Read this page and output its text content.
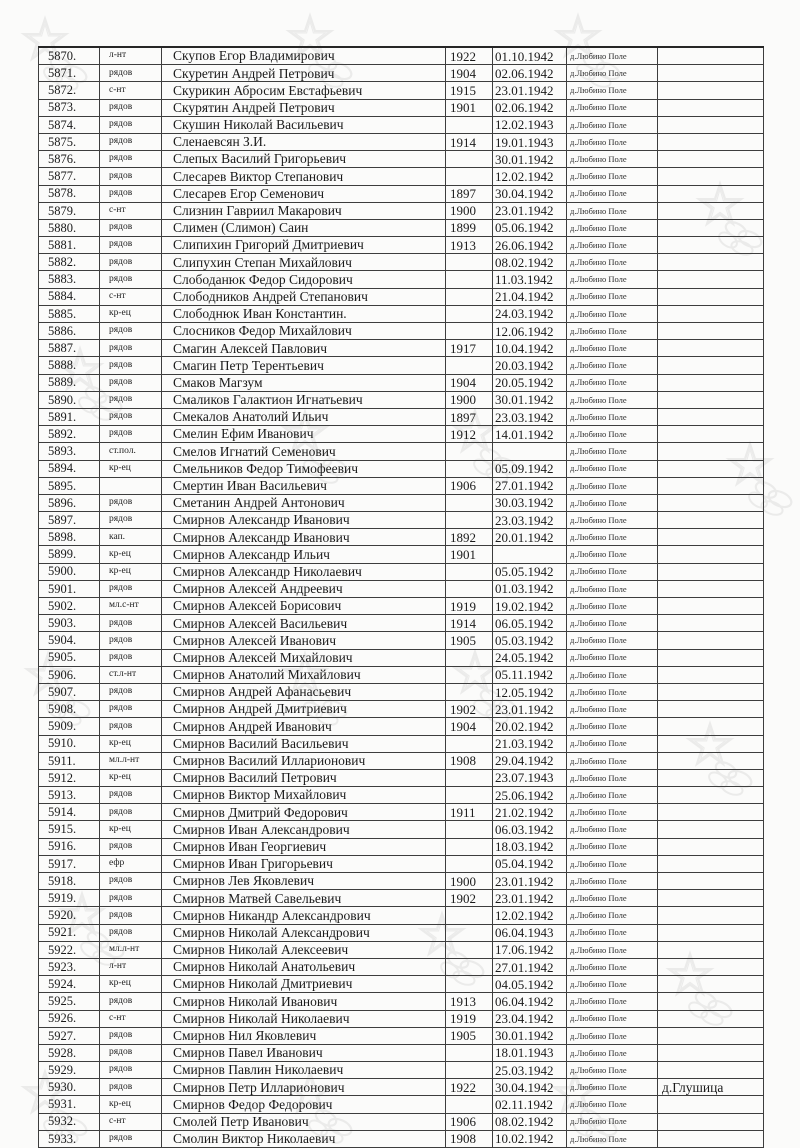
5870.	л-нт	Скупов Егор Владимирович	1922	01.10.1942	д.Любино Поле	
5871.	рядов	Скуретин Андрей Петрович	1904	02.06.1942	д.Любино Поле	
5872.	с-нт	Скурикин Абросим Евстафьевич	1915	23.01.1942	д.Любино Поле	
5873.	рядов	Скурятин Андрей Петрович	1901	02.06.1942	д.Любино Поле	
5874.	рядов	Скушин Николай Васильевич		12.02.1943	д.Любино Поле	
5875.	рядов	Сленаевсян З.И.	1914	19.01.1943	д.Любино Поле	
5876.	рядов	Слепых Василий Григорьевич		30.01.1942	д.Любино Поле	
5877.	рядов	Слесарев Виктор Степанович		12.02.1942	д.Любино Поле	
5878.	рядов	Слесарев Егор Семенович	1897	30.04.1942	д.Любино Поле	
5879.	с-нт	Слизнин Гавриил Макарович	1900	23.01.1942	д.Любино Поле	
5880.	рядов	Слимен (Слимон) Саин	1899	05.06.1942	д.Любино Поле	
5881.	рядов	Слипихин Григорий Дмитриевич	1913	26.06.1942	д.Любино Поле	
5882.	рядов	Слипухин Степан Михайлович		08.02.1942	д.Любино Поле	
5883.	рядов	Слободанюк Федор Сидорович		11.03.1942	д.Любино Поле	
5884.	с-нт	Слободников Андрей Степанович		21.04.1942	д.Любино Поле	
5885.	кр-ец	Слободнюк Иван Константин.		24.03.1942	д.Любино Поле	
5886.	рядов	Слосников Федор Михайлович		12.06.1942	д.Любино Поле	
5887.	рядов	Смагин Алексей Павлович	1917	10.04.1942	д.Любино Поле	
5888.	рядов	Смагин Петр Терентьевич		20.03.1942	д.Любино Поле	
5889.	рядов	Смаков Магзум	1904	20.05.1942	д.Любино Поле	
5890.	рядов	Смаликов Галактион Игнатьевич	1900	30.01.1942	д.Любино Поле	
5891.	рядов	Смекалов Анатолий Ильич	1897	23.03.1942	д.Любино Поле	
5892.	рядов	Смелин Ефим Иванович	1912	14.01.1942	д.Любино Поле	
5893.	ст.пол.	Смелов Игнатий Семенович			д.Любино Поле	
5894.	кр-ец	Смельников Федор Тимофеевич		05.09.1942	д.Любино Поле	
5895.		Смертин Иван Васильевич	1906	27.01.1942	д.Любино Поле	
5896.	рядов	Сметанин Андрей Антонович		30.03.1942	д.Любино Поле	
5897.	рядов	Смирнов Александр Иванович		23.03.1942	д.Любино Поле	
5898.	кап.	Смирнов Александр Иванович	1892	20.01.1942	д.Любино Поле	
5899.	кр-ец	Смирнов Александр Ильич	1901		д.Любино Поле	
5900.	кр-ец	Смирнов Александр Николаевич		05.05.1942	д.Любино Поле	
5901.	рядов	Смирнов Алексей Андреевич		01.03.1942	д.Любино Поле	
5902.	мл.с-нт	Смирнов Алексей Борисович	1919	19.02.1942	д.Любино Поле	
5903.	рядов	Смирнов Алексей Васильевич	1914	06.05.1942	д.Любино Поле	
5904.	рядов	Смирнов Алексей Иванович	1905	05.03.1942	д.Любино Поле	
5905.	рядов	Смирнов Алексей Михайлович		24.05.1942	д.Любино Поле	
5906.	ст.л-нт	Смирнов Анатолий Михайлович		05.11.1942	д.Любино Поле	
5907.	рядов	Смирнов Андрей Афанасьевич		12.05.1942	д.Любино Поле	
5908.	рядов	Смирнов Андрей Дмитриевич	1902	23.01.1942	д.Любино Поле	
5909.	рядов	Смирнов Андрей Иванович	1904	20.02.1942	д.Любино Поле	
5910.	кр-ец	Смирнов Василий Васильевич		21.03.1942	д.Любино Поле	
5911.	мл.л-нт	Смирнов Василий Илларионович	1908	29.04.1942	д.Любино Поле	
5912.	кр-ец	Смирнов Василий Петрович		23.07.1943	д.Любино Поле	
5913.	рядов	Смирнов Виктор Михайлович		25.06.1942	д.Любино Поле	
5914.	рядов	Смирнов Дмитрий Федорович	1911	21.02.1942	д.Любино Поле	
5915.	кр-ец	Смирнов Иван Александрович		06.03.1942	д.Любино Поле	
5916.	рядов	Смирнов Иван Георгиевич		18.03.1942	д.Любино Поле	
5917.	ефр	Смирнов Иван Григорьевич		05.04.1942	д.Любино Поле	
5918.	рядов	Смирнов Лев Яковлевич	1900	23.01.1942	д.Любино Поле	
5919.	рядов	Смирнов Матвей Савельевич	1902	23.01.1942	д.Любино Поле	
5920.	рядов	Смирнов Никандр Александрович		12.02.1942	д.Любино Поле	
5921.	рядов	Смирнов Николай Александрович		06.04.1943	д.Любино Поле	
5922.	мл.л-нт	Смирнов Николай Алексеевич		17.06.1942	д.Любино Поле	
5923.	л-нт	Смирнов Николай Анатольевич		27.01.1942	д.Любино Поле	
5924.	кр-ец	Смирнов Николай Дмитриевич		04.05.1942	д.Любино Поле	
5925.	рядов	Смирнов Николай Иванович	1913	06.04.1942	д.Любино Поле	
5926.	с-нт	Смирнов Николай Николаевич	1919	23.04.1942	д.Любино Поле	
5927.	рядов	Смирнов Нил Яковлевич	1905	30.01.1942	д.Любино Поле	
5928.	рядов	Смирнов Павел Иванович		18.01.1943	д.Любино Поле	
5929.	рядов	Смирнов Павлин Николаевич		25.03.1942	д.Любино Поле	
5930.	рядов	Смирнов Петр Илларионович	1922	30.04.1942	д.Любино Поле	д.Глушица
5931.	кр-ец	Смирнов Федор Федорович		02.11.1942	д.Любино Поле	
5932.	с-нт	Смолей Петр Иванович	1906	08.02.1942	д.Любино Поле	
5933.	рядов	Смолин Виктор Николаевич	1908	10.02.1942	д.Любино Поле	
